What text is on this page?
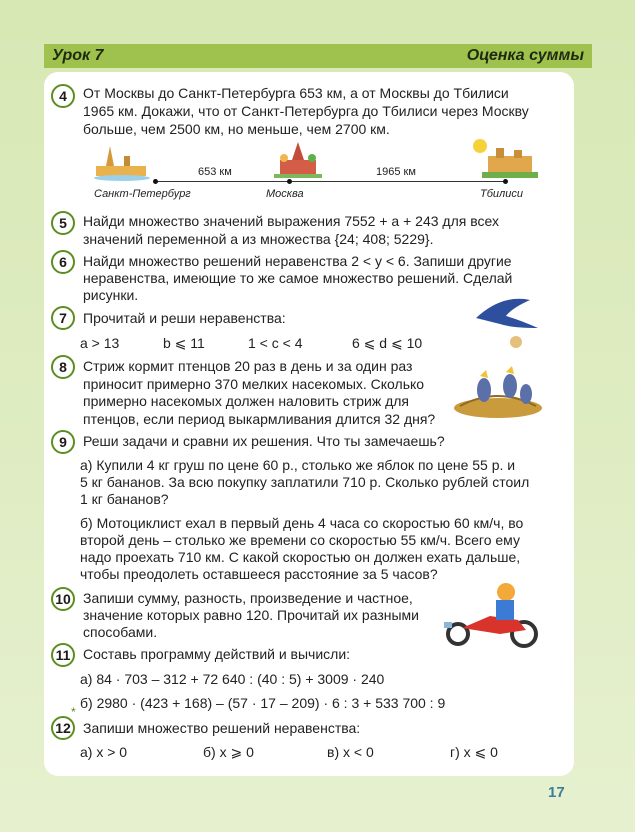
Урок 7	Оценка суммы
4	От Москвы до Санкт-Петербурга 653 км, а от Москвы до Тбилиси
1965 км. Докажи, что от Санкт-Петербурга до Тбилиси через Москву
больше, чем 2500 км, но меньше, чем 2700 км.
653 км	1965 км
Санкт-Петербург	Москва	Тбилиси
5	Найди множество значений выражения 7552 + a + 243 для всех
значений переменной a из множества {24; 408; 5229}.
6	Найди множество решений неравенства 2 < y < 6. Запиши другие
неравенства, имеющие то же самое множество решений. Сделай
рисунки.
7	Прочитай и реши неравенства:
a > 13	b ⩽ 11	1 < c < 4	6 ⩽ d ⩽ 10
8	Стриж кормит птенцов 20 раз в день и за один раз
приносит примерно 370 мелких насекомых. Сколько
примерно насекомых должен наловить стриж для
птенцов, если период выкармливания длится 32 дня?
9	Реши задачи и сравни их решения. Что ты замечаешь?
а) Купили 4 кг груш по цене 60 р., столько же яблок по цене 55 р. и
5 кг бананов. За всю покупку заплатили 710 р. Сколько рублей стоил
1 кг бананов?
б) Мотоциклист ехал в первый день 4 часа со скоростью 60 км/ч, во
второй день – столько же времени со скоростью 55 км/ч. Всего ему
надо проехать 710 км. С какой скоростью он должен ехать дальше,
чтобы преодолеть оставшееся расстояние за 5 часов?
10 Запиши сумму, разность, произведение и частное,
значение которых равно 120. Прочитай их разными
способами.
11 Составь программу действий и вычисли:
а) 84 · 703 – 312 + 72 640 : (40 : 5) + 3009 · 240
б) 2980 · (423 + 168) – (57 · 17 – 209) · 6 : 3 + 533 700 : 9
*
12 Запиши множество решений неравенства:
а) x > 0	б) x ⩾ 0	в) x < 0	г) x ⩽ 0
17
